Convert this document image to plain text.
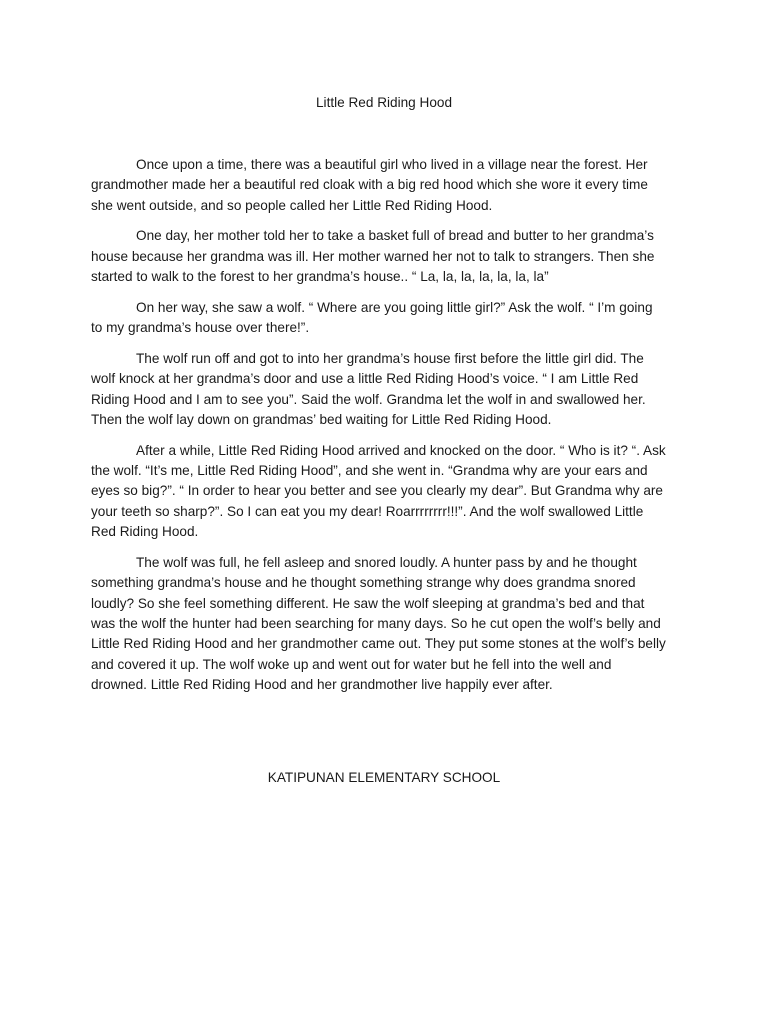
Little Red Riding Hood

Once upon a time, there was a beautiful girl who lived in a village near the forest. Her
grandmother made her a beautiful red cloak with a big red hood which she wore it every time
she went outside, and so people called her Little Red Riding Hood.

One day, her mother told her to take a basket full of bread and butter to her grandma’s
house because her grandma was ill. Her mother warned her not to talk to strangers. Then she
started to walk to the forest to her grandma’s house.. “ La, la, la, la, la, la, la”

On her way, she saw a wolf. “ Where are you going little girl?” Ask the wolf. “ I’m going
to my grandma’s house over there!”.

The wolf run off and got to into her grandma’s house first before the little girl did. The
wolf knock at her grandma’s door and use a little Red Riding Hood’s voice. “ I am Little Red
Riding Hood and I am to see you”. Said the wolf. Grandma let the wolf in and swallowed her.
Then the wolf lay down on grandmas’ bed waiting for Little Red Riding Hood.

After a while, Little Red Riding Hood arrived and knocked on the door. “ Who is it? “. Ask
the wolf. “It’s me, Little Red Riding Hood”, and she went in. “Grandma why are your ears and
eyes so big?”. “ In order to hear you better and see you clearly my dear”. But Grandma why are
your teeth so sharp?”. So I can eat you my dear! Roarrrrrrrr!!!”. And the wolf swallowed Little
Red Riding Hood.

The wolf was full, he fell asleep and snored loudly. A hunter pass by and he thought
something grandma’s house and he thought something strange why does grandma snored
loudly? So she feel something different. He saw the wolf sleeping at grandma’s bed and that
was the wolf the hunter had been searching for many days. So he cut open the wolf’s belly and
Little Red Riding Hood and her grandmother came out. They put some stones at the wolf’s belly
and covered it up. The wolf woke up and went out for water but he fell into the well and
drowned. Little Red Riding Hood and her grandmother live happily ever after.

KATIPUNAN ELEMENTARY SCHOOL
